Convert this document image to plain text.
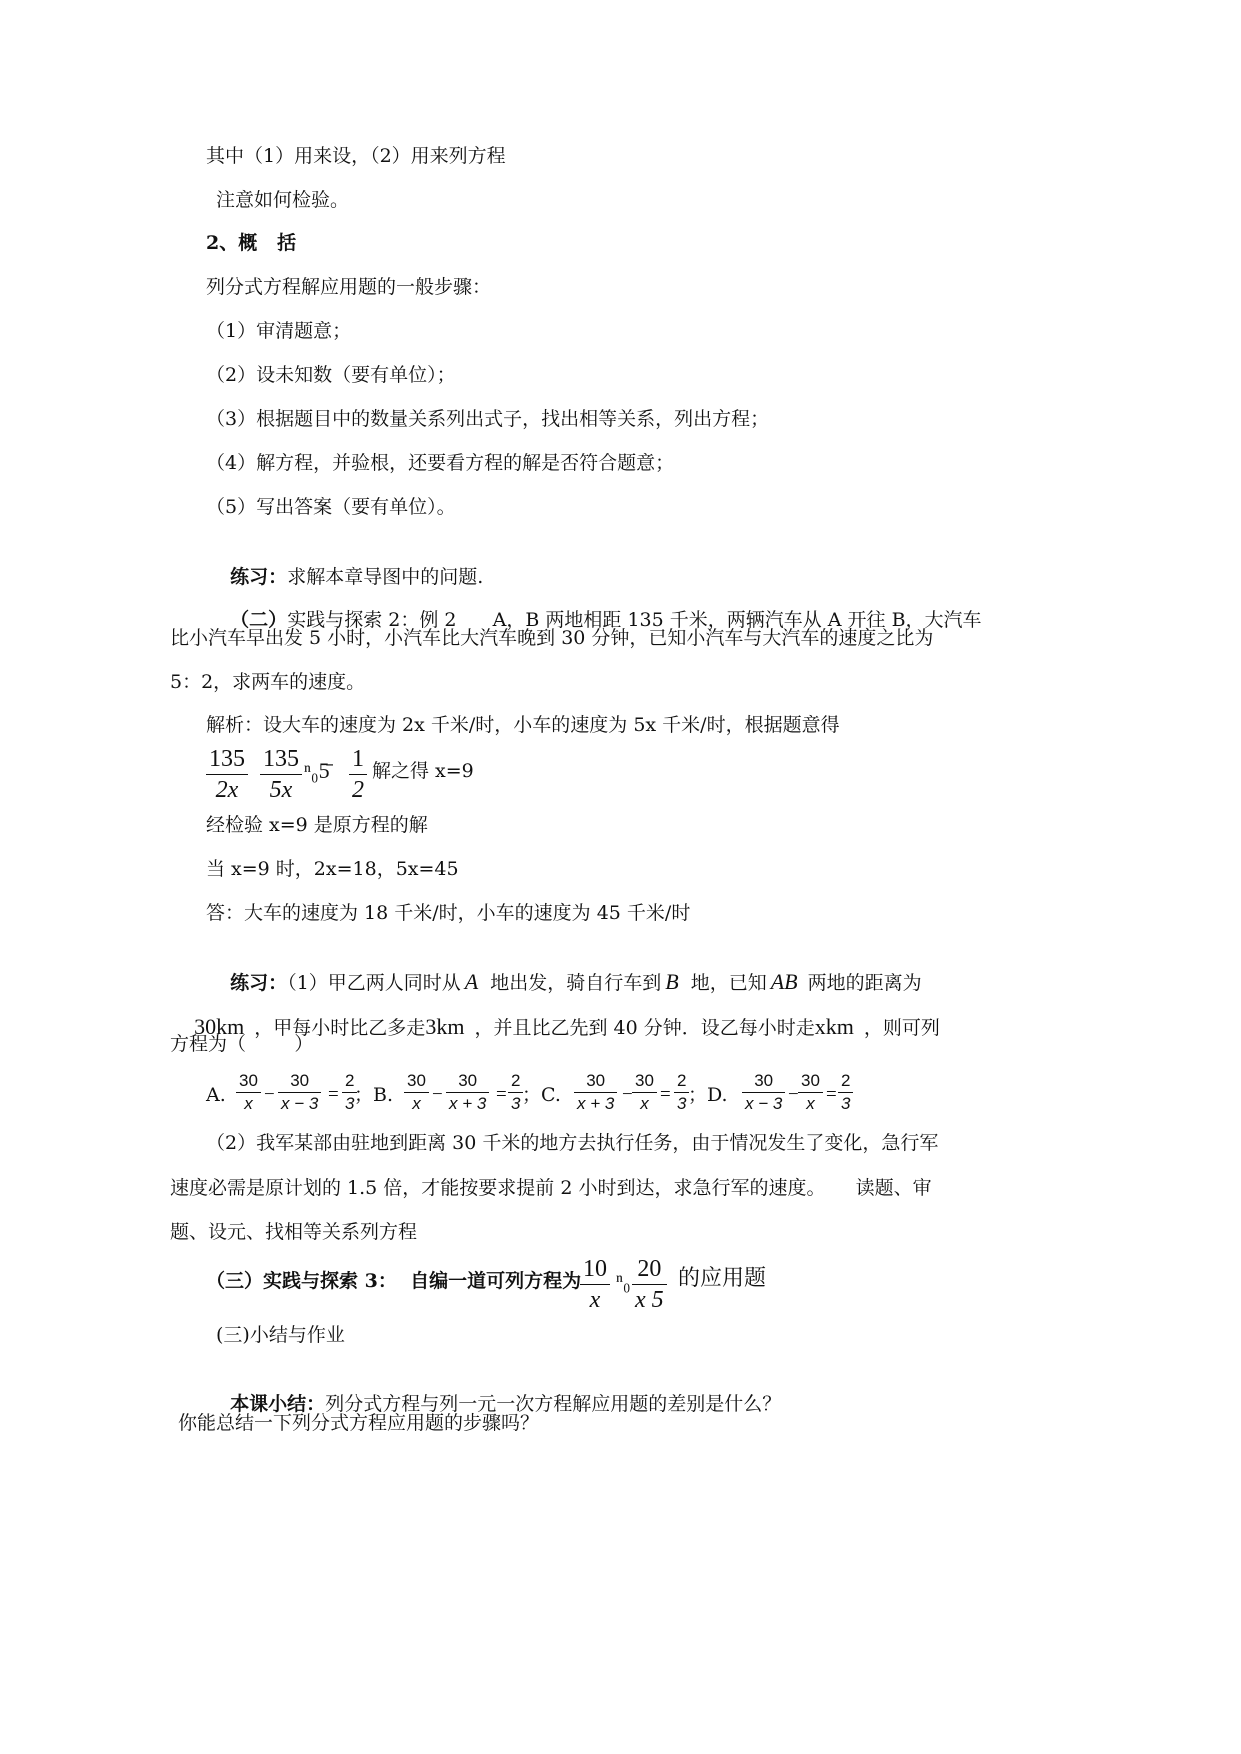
其中（1）用来设，（2）用来列方程
注意如何检验。
2、概   括
列分式方程解应用题的一般步骤：
（1）审清题意；
（2）设未知数（要有单位）；
（3）根据题目中的数量关系列出式子，找出相等关系，列出方程；
（4）解方程，并验根，还要看方程的解是否符合题意；
（5）写出答案（要有单位）。

练习：求解本章导图中的问题.

（二）实践与探索 2：例 2      A，B 两地相距 135 千米，两辆汽车从 A 开往 B，大汽车

比小汽车早出发 5 小时，小汽车比大汽车晚到 30 分钟，已知小汽车与大汽车的速度之比为
5：2，求两车的速度。
解析：设大车的速度为 2x 千米/时，小车的速度为 5x 千米/时，根据题意得
135
2x
135
5x
ⁿ₀5̄ 1
2
解之得 x=9
经检验 x=9 是原方程的解
当 x=9 时，2x=18，5x=45
答：大车的速度为 18 千米/时，小车的速度为 45 千米/时

练习：（1）甲乙两人同时从 A 地出发，骑自行车到 B 地，已知 AB 两地的距离为

30km ，甲每小时比乙多走3km ，并且比乙先到 40 分钟．设乙每小时走xkm ，则可列

方程为（        ）
A.
30
x −
30
x − 3 =
2
3 ；B.
30
x −
30
x + 3 =
2
3 ；C.
30
x + 3 −
30
x =
2
3 ；D.
30
x − 3 −
30
x =
2
3
（2）我军某部由驻地到距离 30 千米的地方去执行任务，由于情况发生了变化，急行军
速度必需是原计划的 1.5 倍，才能按要求提前 2 小时到达，求急行军的速度。     读题、审
题、设元、找相等关系列方程
（三）实践与探索 3：  自编一道可列方程为 10
x
ⁿ₀ 20
x 5
的应用题
(三)小结与作业

本课小结：列分式方程与列一元一次方程解应用题的差别是什么？

你能总结一下列分式方程应用题的步骤吗？
